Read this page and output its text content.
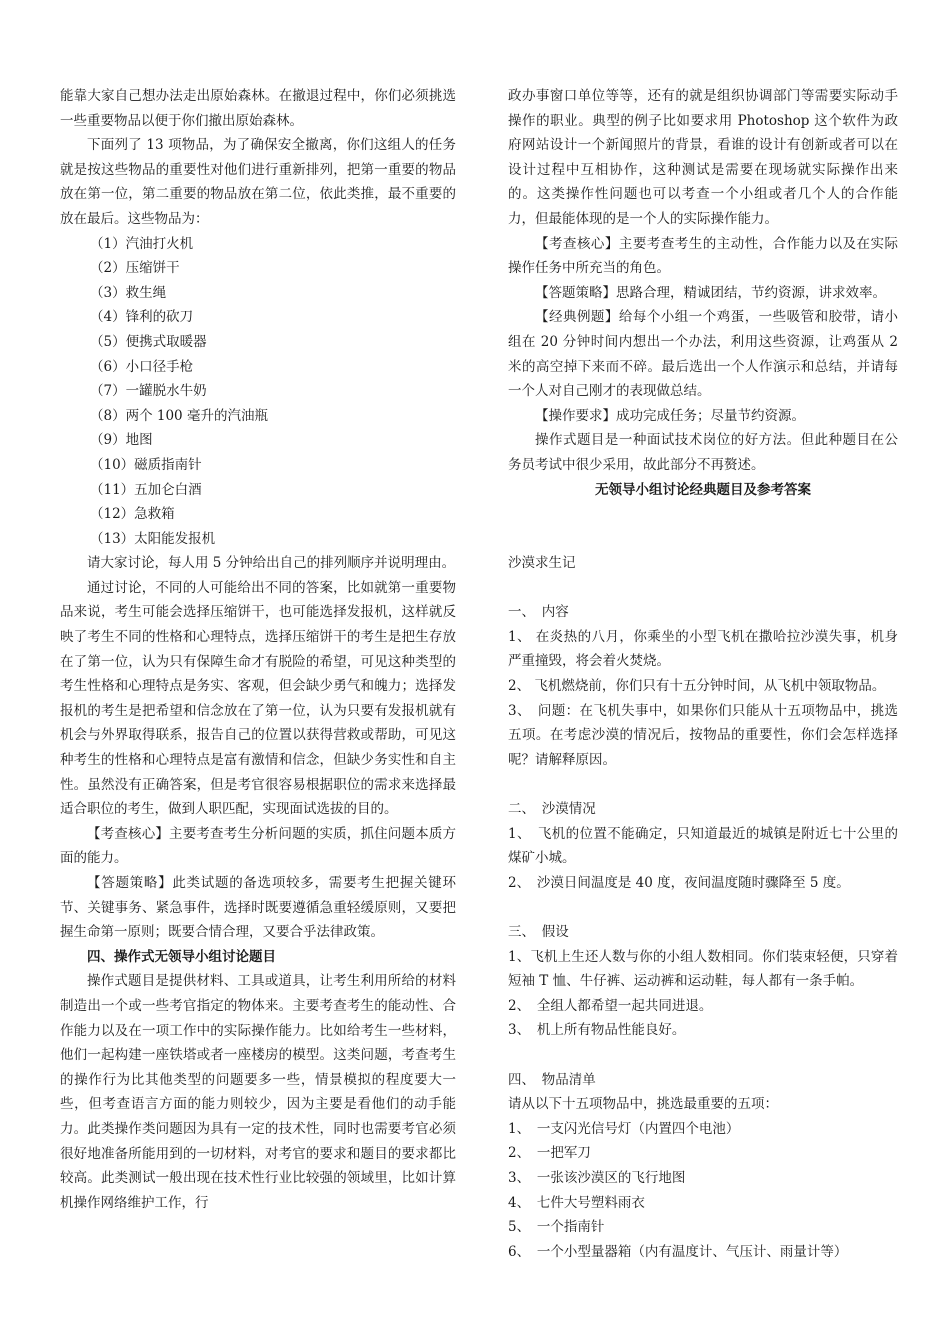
能靠大家自己想办法走出原始森林。在撤退过程中，你们必须挑选一些重要物品以便于你们撤出原始森林。

下面列了 13 项物品，为了确保安全撤离，你们这组人的任务就是按这些物品的重要性对他们进行重新排列，把第一重要的物品放在第一位，第二重要的物品放在第二位，依此类推，最不重要的放在最后。这些物品为：

（1）汽油打火机

（2）压缩饼干

（3）救生绳

（4）锋利的砍刀

（5）便携式取暖器

（6）小口径手枪

（7）一罐脱水牛奶

（8）两个 100 毫升的汽油瓶

（9）地图

（10）磁质指南针

（11）五加仑白酒

（12）急救箱

（13）太阳能发报机

请大家讨论，每人用 5 分钟给出自己的排列顺序并说明理由。

通过讨论，不同的人可能给出不同的答案，比如就第一重要物品来说，考生可能会选择压缩饼干，也可能选择发报机，这样就反映了考生不同的性格和心理特点，选择压缩饼干的考生是把生存放在了第一位，认为只有保障生命才有脱险的希望，可见这种类型的考生性格和心理特点是务实、客观，但会缺少勇气和魄力；选择发报机的考生是把希望和信念放在了第一位，认为只要有发报机就有机会与外界取得联系，报告自己的位置以获得营救或帮助，可见这种考生的性格和心理特点是富有激情和信念，但缺少务实性和自主性。虽然没有正确答案，但是考官很容易根据职位的需求来选择最适合职位的考生，做到人职匹配，实现面试选拔的目的。

【考查核心】主要考查考生分析问题的实质，抓住问题本质方面的能力。

【答题策略】此类试题的备选项较多，需要考生把握关键环节、关键事务、紧急事件，选择时既要遵循急重轻缓原则，又要把握生命第一原则；既要合情合理，又要合乎法律政策。

四、操作式无领导小组讨论题目

操作式题目是提供材料、工具或道具，让考生利用所给的材料制造出一个或一些考官指定的物体来。主要考查考生的能动性、合作能力以及在一项工作中的实际操作能力。比如给考生一些材料，他们一起构建一座铁塔或者一座楼房的模型。这类问题，考查考生的操作行为比其他类型的问题要多一些，情景模拟的程度要大一些，但考查语言方面的能力则较少，因为主要是看他们的动手能力。此类操作类问题因为具有一定的技术性，同时也需要考官必须很好地准备所能用到的一切材料，对考官的要求和题目的要求都比较高。此类测试一般出现在技术性行业比较强的领域里，比如计算机操作网络维护工作，行

政办事窗口单位等等，还有的就是组织协调部门等需要实际动手操作的职业。典型的例子比如要求用 Photoshop 这个软件为政府网站设计一个新闻照片的背景，看谁的设计有创新或者可以在设计过程中互相协作，这种测试是需要在现场就实际操作出来的。这类操作性问题也可以考查一个小组或者几个人的合作能力，但最能体现的是一个人的实际操作能力。

【考查核心】主要考查考生的主动性，合作能力以及在实际操作任务中所充当的角色。

【答题策略】思路合理，精诚团结，节约资源，讲求效率。

【经典例题】给每个小组一个鸡蛋，一些吸管和胶带，请小组在 20 分钟时间内想出一个办法，利用这些资源，让鸡蛋从 2 米的高空掉下来而不碎。最后选出一个人作演示和总结，并请每一个人对自己刚才的表现做总结。

【操作要求】成功完成任务；尽量节约资源。

操作式题目是一种面试技术岗位的好方法。但此种题目在公务员考试中很少采用，故此部分不再赘述。

无领导小组讨论经典题目及参考答案

沙漠求生记

一、　内容

1、 在炎热的八月，你乘坐的小型飞机在撒哈拉沙漠失事，机身严重撞毁，将会着火焚烧。

2、 飞机燃烧前，你们只有十五分钟时间，从飞机中领取物品。

3、　问题：在飞机失事中，如果你们只能从十五项物品中，挑选五项。在考虑沙漠的情况后，按物品的重要性，你们会怎样选择呢？请解释原因。

二、　沙漠情况

1、　飞机的位置不能确定，只知道最近的城镇是附近七十公里的煤矿小城。

2、　沙漠日间温度是 40 度，夜间温度随时骤降至 5 度。

三、　假设

1、飞机上生还人数与你的小组人数相同。你们装束轻便，只穿着短袖 T 恤、牛仔裤、运动裤和运动鞋，每人都有一条手帕。

2、　全组人都希望一起共同进退。

3、　机上所有物品性能良好。

四、　物品清单

请从以下十五项物品中，挑选最重要的五项：

1、　一支闪光信号灯（内置四个电池）

2、　一把军刀

3、　一张该沙漠区的飞行地图

4、　七件大号塑料雨衣

5、　一个指南针

6、　一个小型量器箱（内有温度计、气压计、雨量计等）
